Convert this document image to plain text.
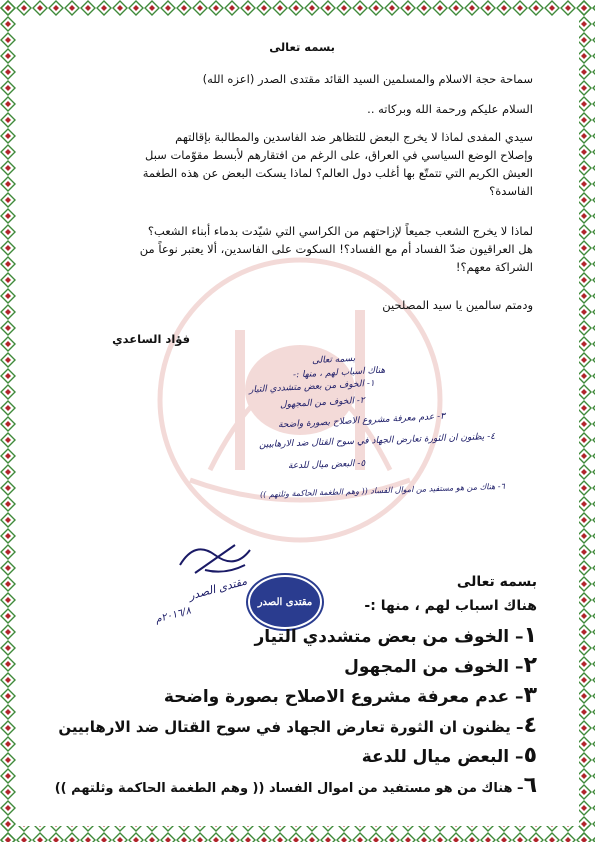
بسمه تعالى
سماحة حجة الاسلام والمسلمين السيد القائد مقتدى الصدر (اعزه الله)
السلام عليكم ورحمة الله وبركاته ..
سيدي المفدى لماذا لا يخرج البعض للتظاهر ضد الفاسدين والمطالبة بإقالتهم
وإصلاح الوضع السياسي في العراق، على الرغم من افتقارهم لأبسط مقوّمات سبل
العيش الكريم التي تتمتّع بها أغلب دول العالم؟ لماذا يسكت البعض عن هذه الطغمة
الفاسدة؟
لماذا لا يخرج الشعب جميعاً لإزاحتهم من الكراسي التي شيّدت بدماء أبناء الشعب؟
هل العراقيون ضدّ الفساد أم مع الفساد؟! السكوت على الفاسدين، ألا يعتبر نوعاً من
الشراكة معهم؟!
ودمتم سالمين يا سيد المصلحين
فؤاد الساعدي
بسمه تعالى
هناك اسباب لهم ، منها :-
١- الخوف من بعض متشددي التيار
٢- الخوف من المجهول
٣- عدم معرفة مشروع الاصلاح بصورة واضحة
٤- يظنون ان الثورة تعارض الجهاد في سوح القتال ضد الارهابيين
٥- البعض ميال للدعة
٦- هناك من هو مستفيد من اموال الفساد (( وهم الطغمة الحاكمة وثلتهم ))
مقتدى الصدر
٢٠١٦/٨م
مقتدى الصدر
بسمه تعالى
هناك اسباب لهم ، منها :-
١– الخوف من بعض متشددي التيار
٢– الخوف من المجهول
٣– عدم معرفة مشروع الاصلاح بصورة واضحة
٤– يظنون ان الثورة تعارض الجهاد في سوح القتال ضد الارهابيين
٥– البعض ميال للدعة
٦– هناك من هو مستفيد من اموال الفساد (( وهم الطغمة الحاكمة وثلتهم ))
